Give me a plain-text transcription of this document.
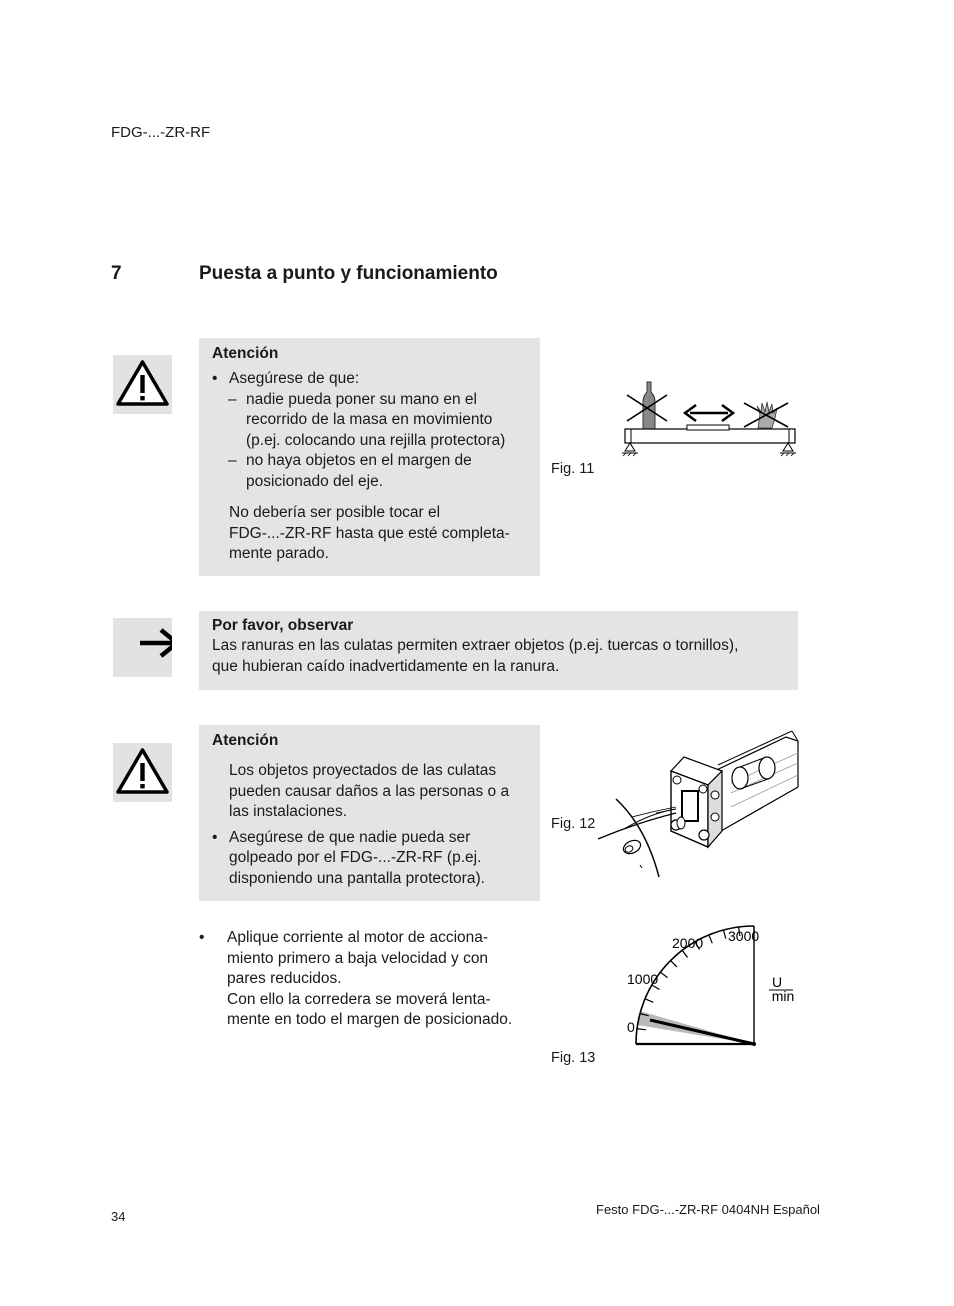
FDG-...-ZR-RF
7	Puesta a punto y funcionamiento
Atención
• Asegúrese de que:
– nadie pueda poner su mano en el
recorrido de la masa en movimiento
(p.ej. colocando una rejilla protectora)
– no haya objetos en el margen de
posicionado del eje.
No debería ser posible tocar el
FDG-...-ZR-RF hasta que esté completa-
mente parado.
Fig. 11
Por favor, observar
Las ranuras en las culatas permiten extraer objetos (p.ej. tuercas o tornillos),
que hubieran caído inadvertidamente en la ranura.
Atención
Los objetos proyectados de las culatas
pueden causar daños a las personas o a
las instalaciones.
• Asegúrese de que nadie pueda ser
golpeado por el FDG-...-ZR-RF (p.ej.
disponiendo una pantalla protectora).
Fig. 12
• Aplique corriente al motor de acciona-
miento primero a baja velocidad y con
pares reducidos.
Con ello la corredera se moverá lenta-
mente en todo el margen de posicionado.
Fig. 13
0
1000
2000 3000
U
min
34	Festo FDG-...-ZR-RF 0404NH Español
